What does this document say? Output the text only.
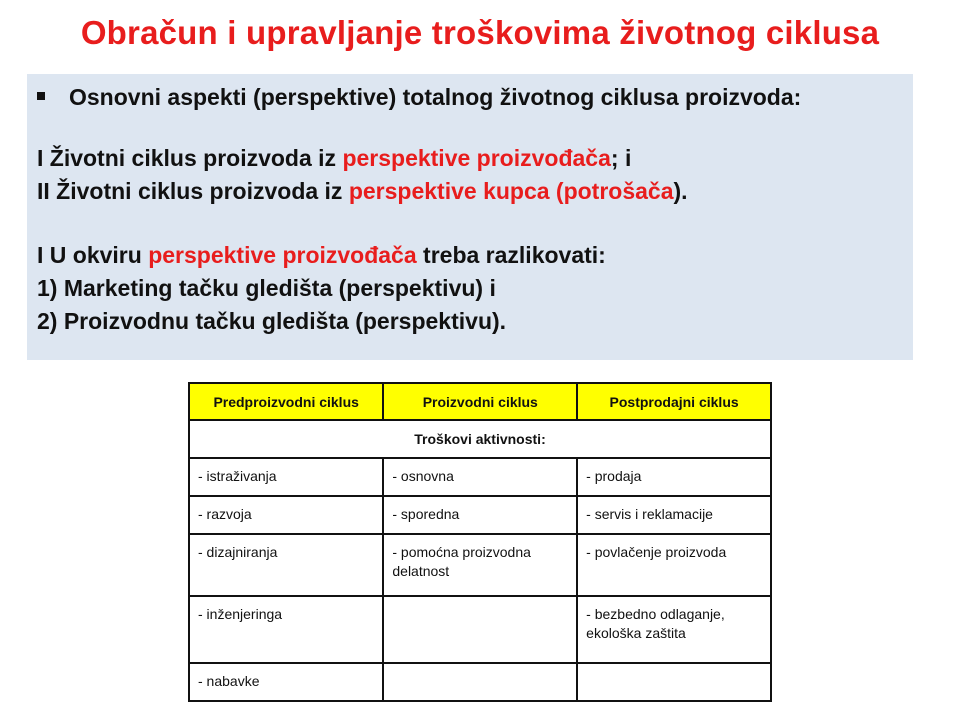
Obračun i upravljanje troškovima životnog ciklusa
Osnovni aspekti (perspektive) totalnog životnog ciklusa proizvoda:
I Životni ciklus proizvoda iz perspektive proizvođača; i
II Životni ciklus proizvoda iz perspektive kupca (potrošača).
I U okviru perspektive proizvođača treba razlikovati:
1) Marketing tačku gledišta (perspektivu) i
2) Proizvodnu tačku gledišta (perspektivu).
Predproizvodni ciklus	Proizvodni ciklus	Postprodajni ciklus
Troškovi aktivnosti:		
- istraživanja	- osnovna	- prodaja
- razvoja	- sporedna	- servis i reklamacije
- dizajniranja	- pomoćna proizvodna delatnost	- povlačenje proizvoda
- inženjeringa		- bezbedno odlaganje, ekološka zaštita
- nabavke		
